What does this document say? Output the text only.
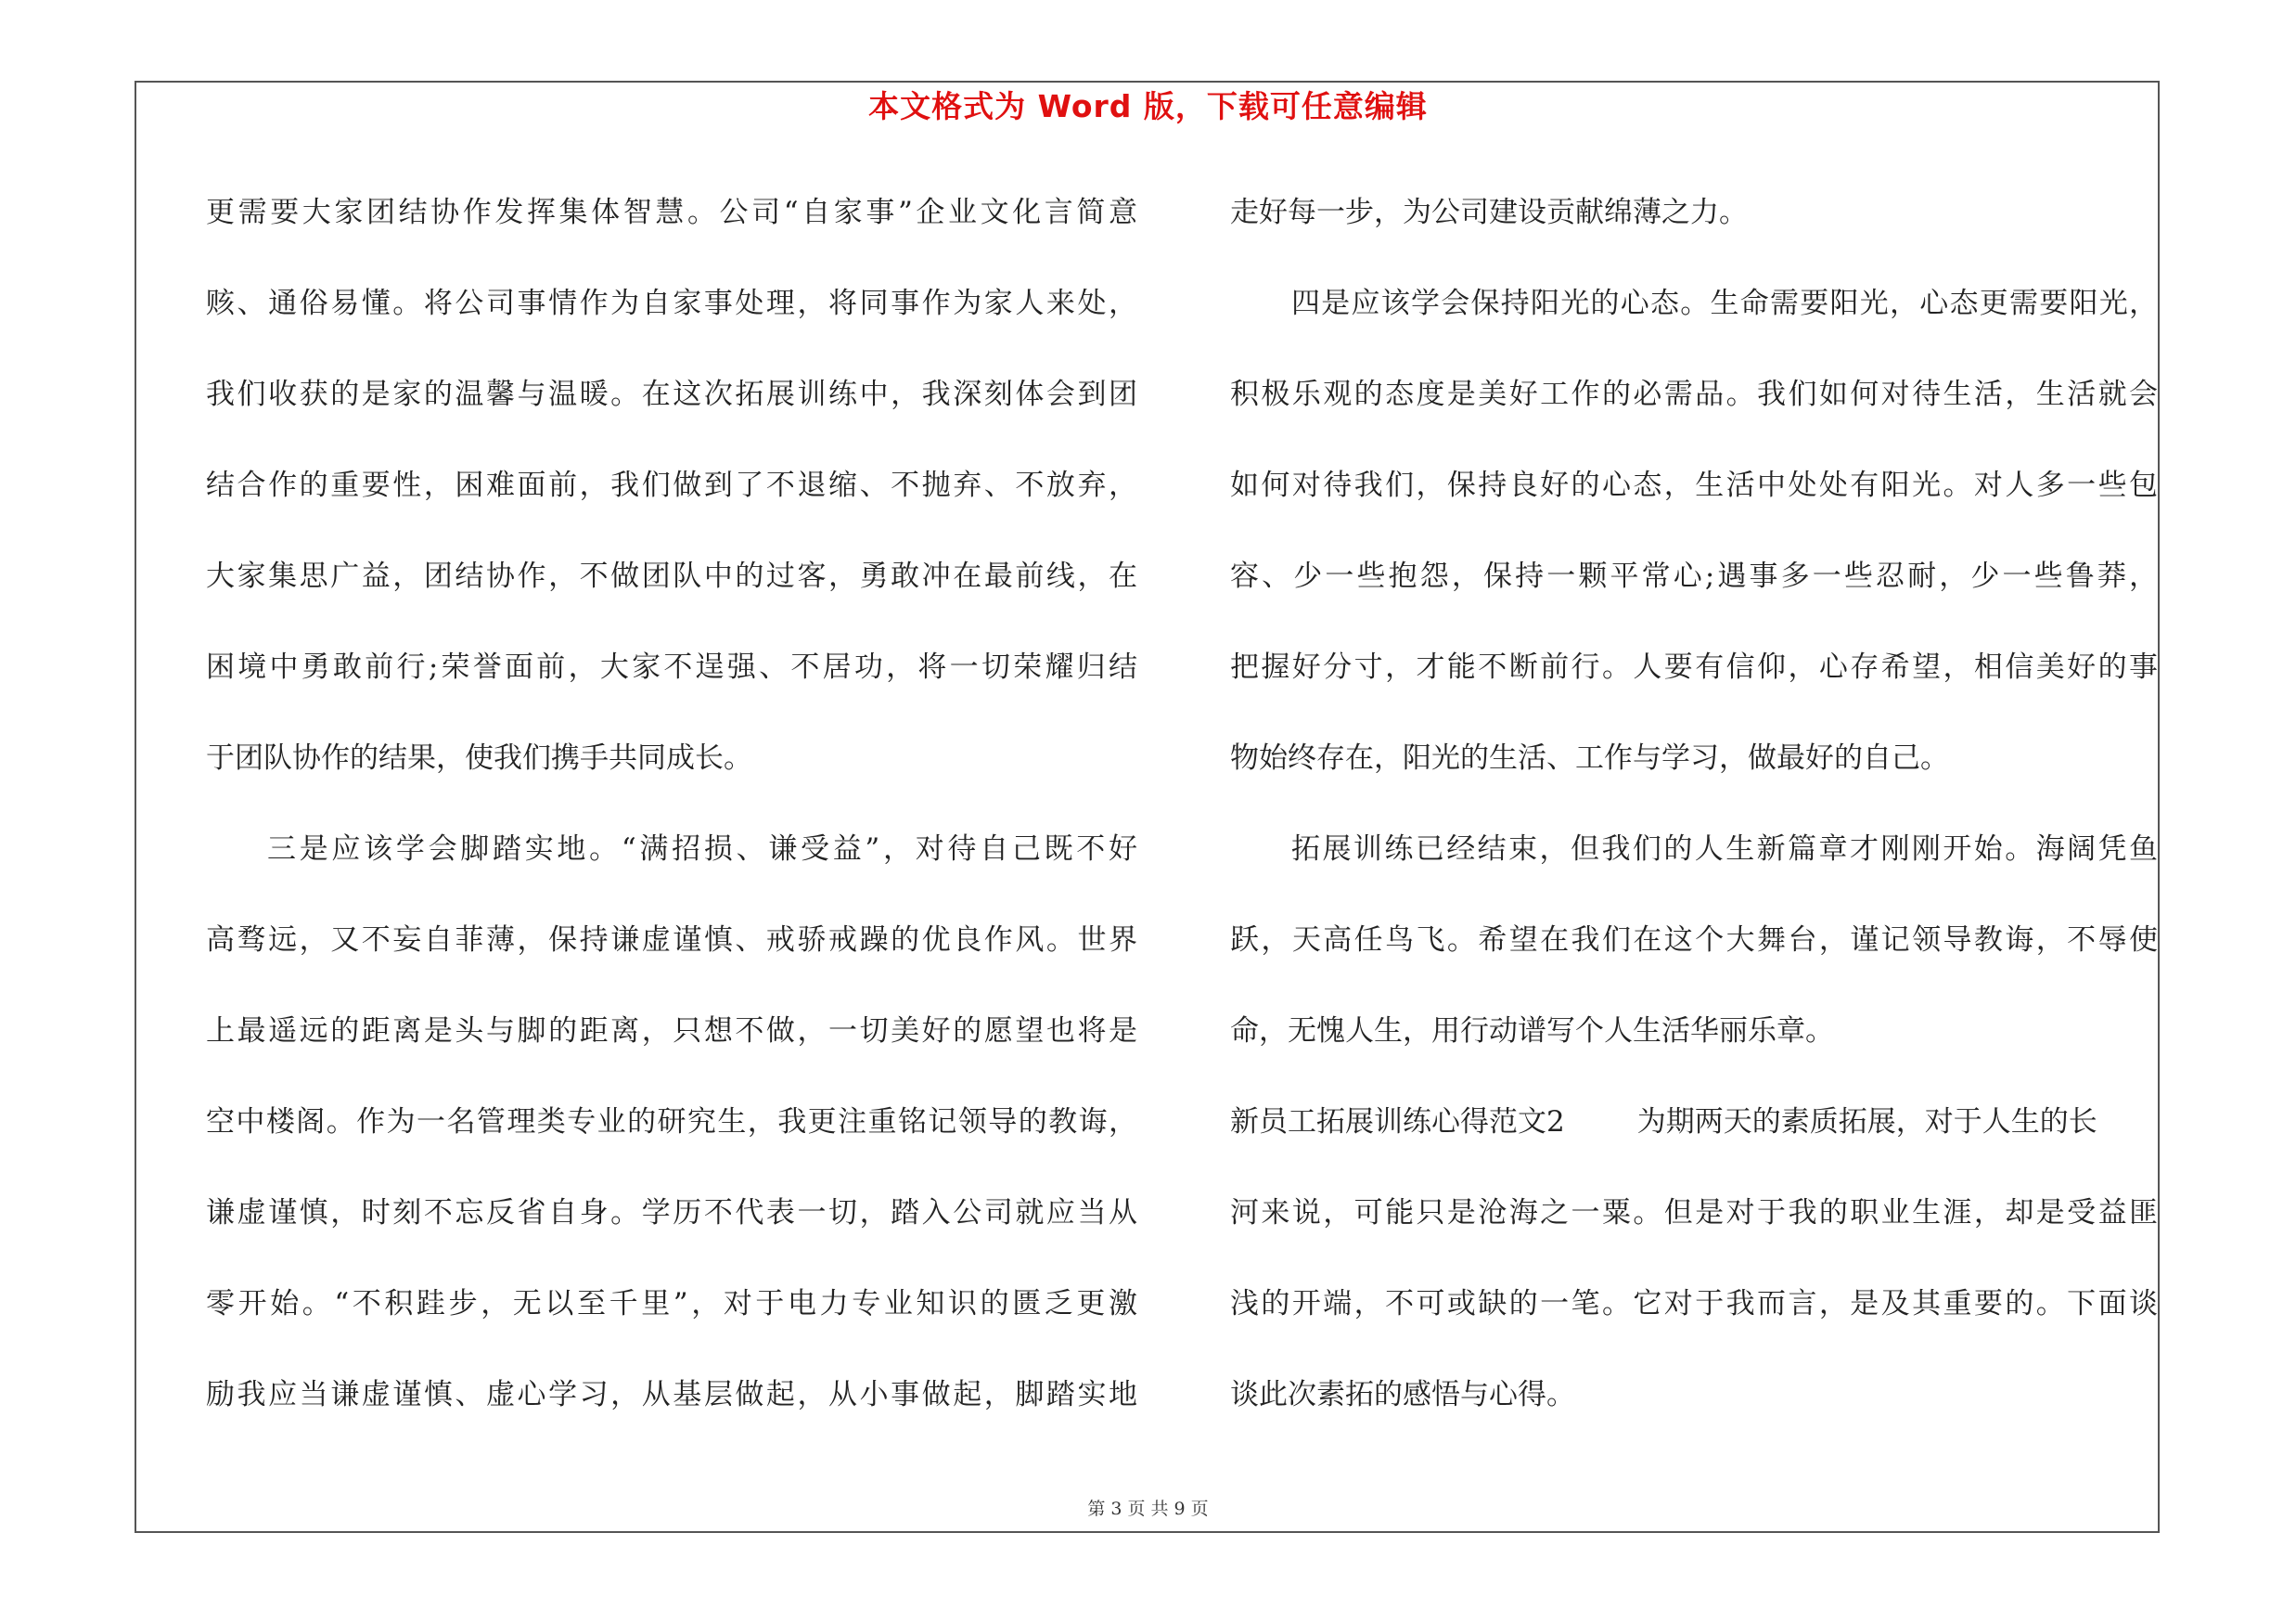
本文格式为 Word 版，下载可任意编辑
更需要大家团结协作发挥集体智慧。公司“自家事”企业文化言简意
赅、通俗易懂。将公司事情作为自家事处理，将同事作为家人来处，
我们收获的是家的温馨与温暖。在这次拓展训练中，我深刻体会到团
结合作的重要性，困难面前，我们做到了不退缩、不抛弃、不放弃，
大家集思广益，团结协作，不做团队中的过客，勇敢冲在最前线，在
困境中勇敢前行;荣誉面前，大家不逞强、不居功，将一切荣耀归结
于团队协作的结果，使我们携手共同成长。
三是应该学会脚踏实地。“满招损、谦受益”，对待自己既不好
高骛远，又不妄自菲薄，保持谦虚谨慎、戒骄戒躁的优良作风。世界
上最遥远的距离是头与脚的距离，只想不做，一切美好的愿望也将是
空中楼阁。作为一名管理类专业的研究生，我更注重铭记领导的教诲，
谦虚谨慎，时刻不忘反省自身。学历不代表一切，踏入公司就应当从
零开始。“不积跬步，无以至千里”，对于电力专业知识的匮乏更激
励我应当谦虚谨慎、虚心学习，从基层做起，从小事做起，脚踏实地
走好每一步，为公司建设贡献绵薄之力。
四是应该学会保持阳光的心态。生命需要阳光，心态更需要阳光，
积极乐观的态度是美好工作的必需品。我们如何对待生活，生活就会
如何对待我们，保持良好的心态，生活中处处有阳光。对人多一些包
容、少一些抱怨，保持一颗平常心;遇事多一些忍耐，少一些鲁莽，
把握好分寸，才能不断前行。人要有信仰，心存希望，相信美好的事
物始终存在，阳光的生活、工作与学习，做最好的自己。
拓展训练已经结束，但我们的人生新篇章才刚刚开始。海阔凭鱼
跃，天高任鸟飞。希望在我们在这个大舞台，谨记领导教诲，不辱使
命，无愧人生，用行动谱写个人生活华丽乐章。
新员工拓展训练心得范文2	为期两天的素质拓展，对于人生的长
河来说，可能只是沧海之一粟。但是对于我的职业生涯，却是受益匪
浅的开端，不可或缺的一笔。它对于我而言，是及其重要的。下面谈
谈此次素拓的感悟与心得。
第 3 页 共 9 页
